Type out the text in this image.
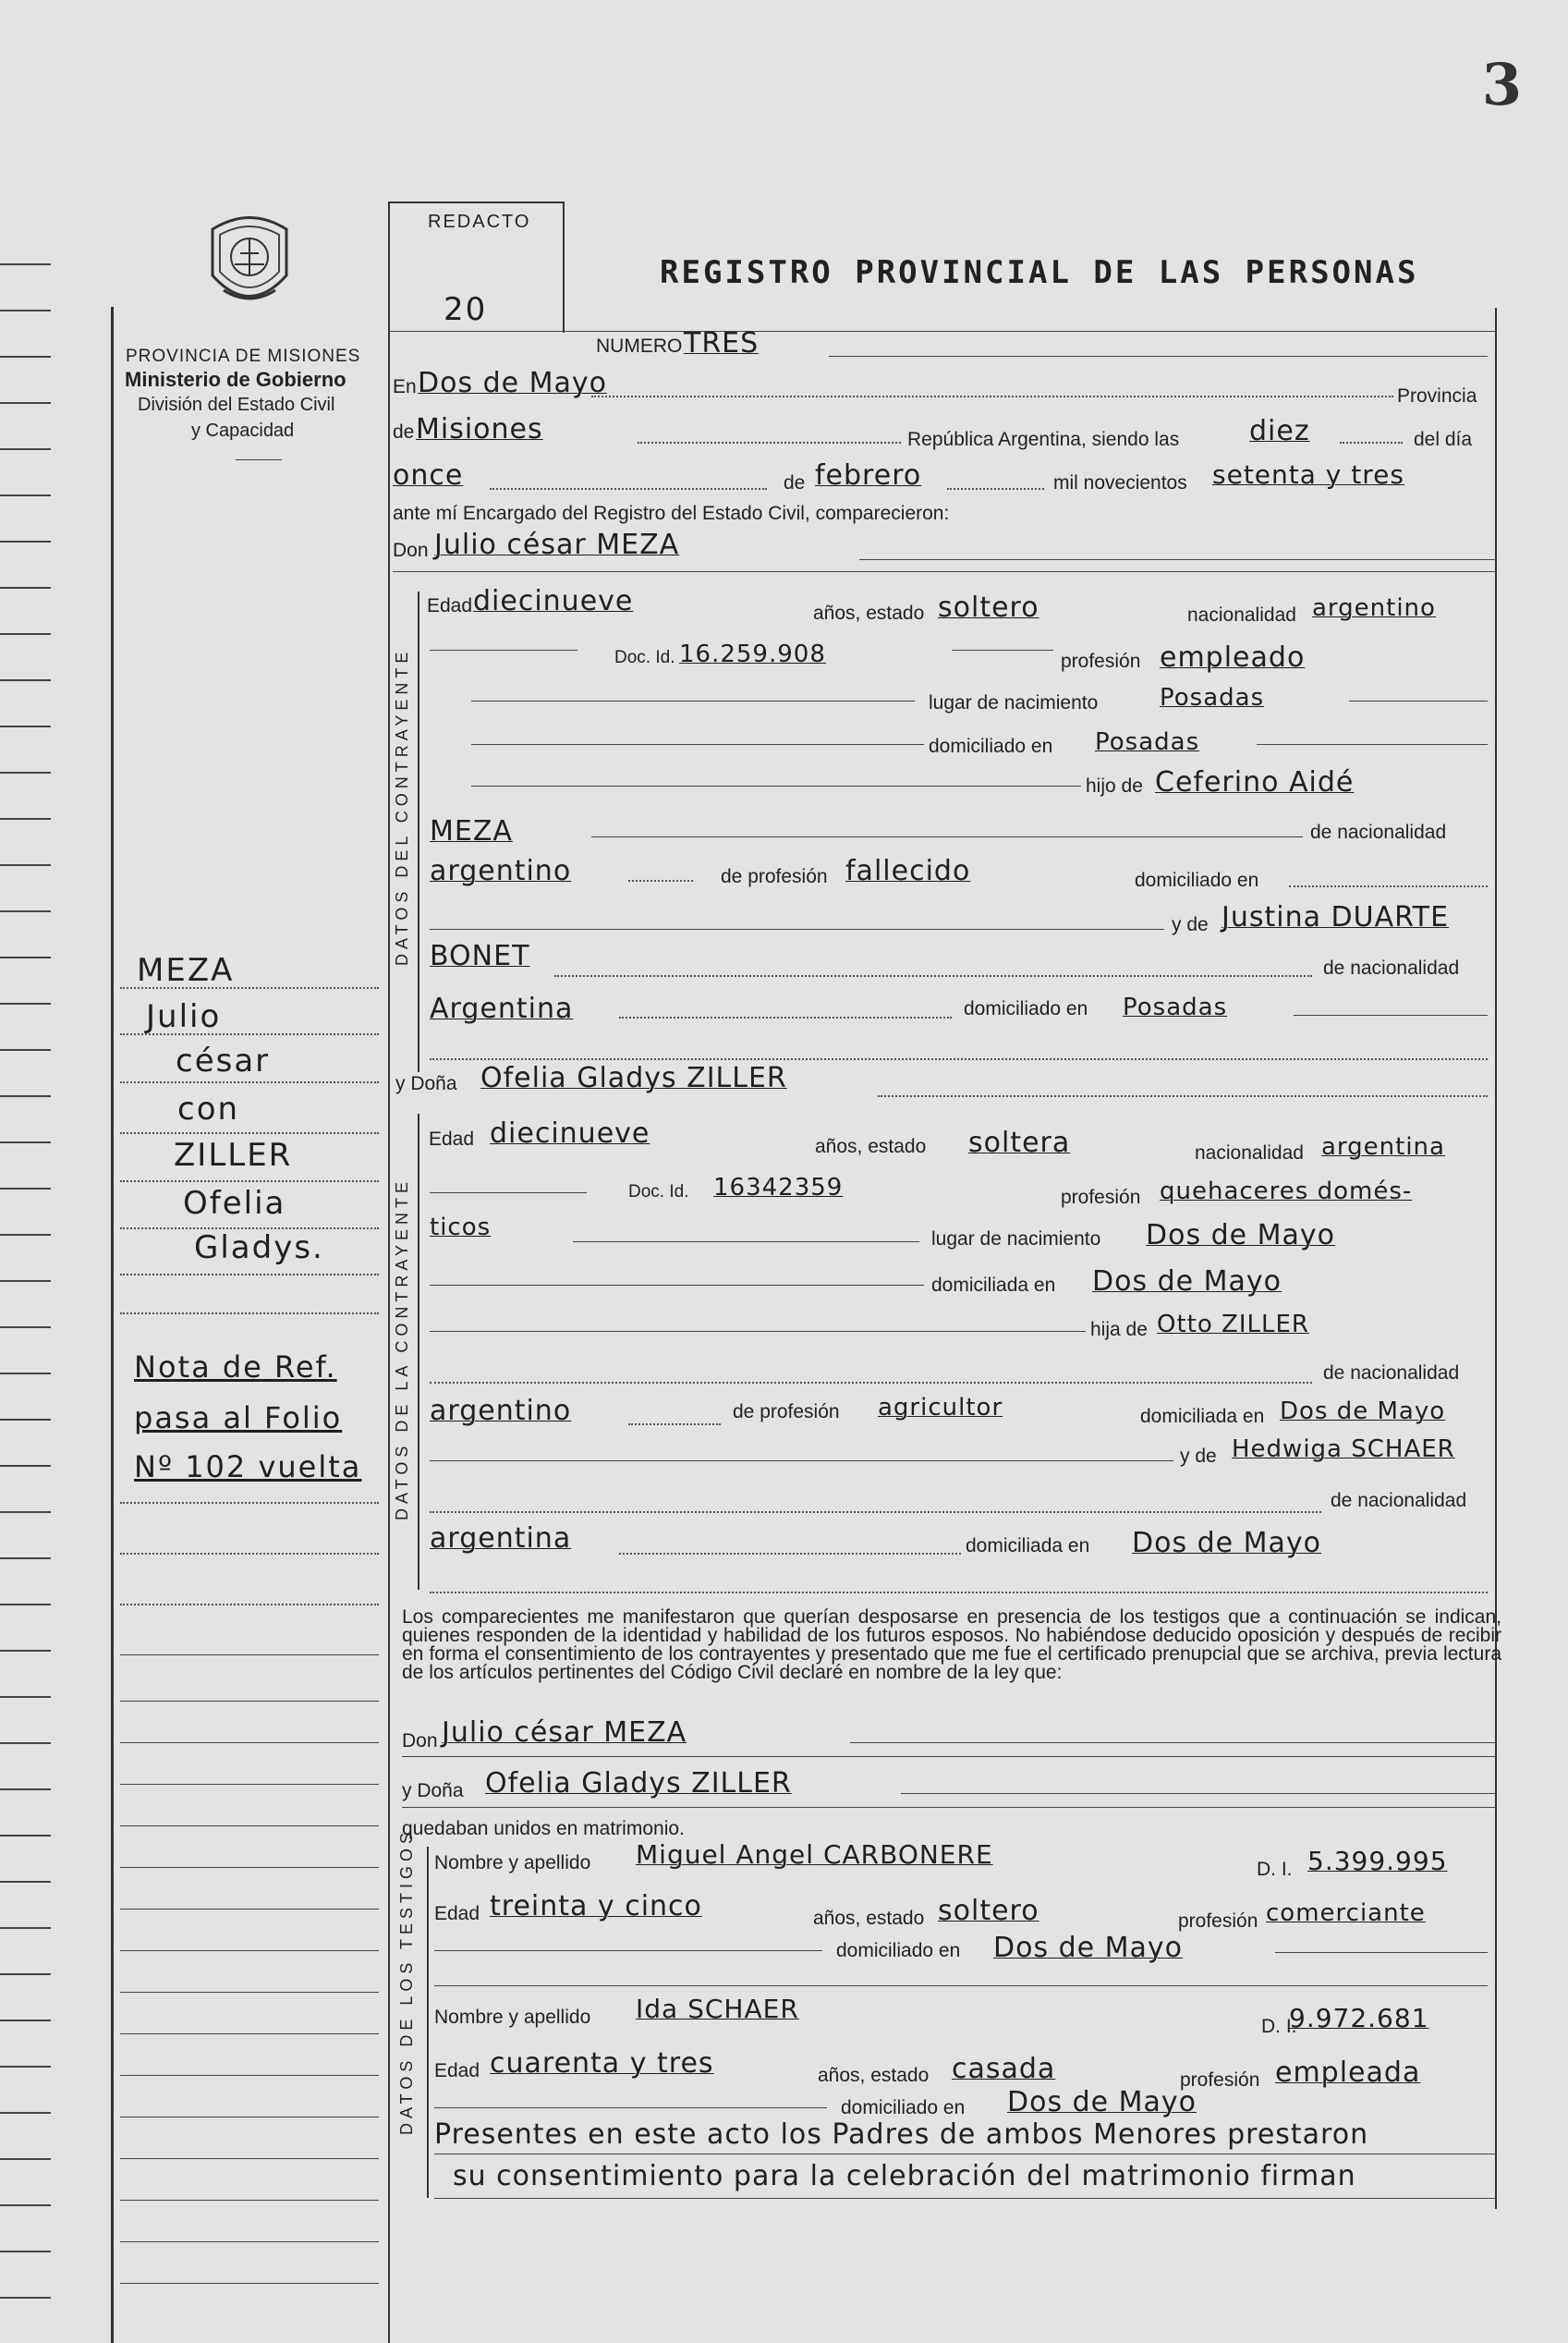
3
PROVINCIA DE MISIONES
Ministerio de Gobierno
División del Estado Civil
y Capacidad
REDACTO
20
REGISTRO PROVINCIAL DE LAS PERSONAS
NUMERO TRES
En Dos de Mayo	Provincia
de Misiones	República Argentina, siendo las	diez	del día
once	de febrero	mil novecientos setenta y tres
ante mí Encargado del Registro del Estado Civil, comparecieron:
Don Julio césar MEZA
DATOS DEL CONTRAYENTE
Edad diecinueve	años, estado soltero	nacionalidad argentino
Doc. Id. 16.259.908	profesión empleado
lugar de nacimiento	Posadas
domiciliado en Posadas
hijo de Ceferino Aidé
MEZA	de nacionalidad
argentino	de profesión fallecido	domiciliado en
y de Justina DUARTE
BONET	de nacionalidad
Argentina	domiciliado en Posadas
y Doña Ofelia Gladys ZILLER
DATOS DE LA CONTRAYENTE
Edad diecinueve	años, estado soltera	nacionalidad argentina
Doc. Id. 16342359	profesión quehaceres domés-
ticos	lugar de nacimiento Dos de Mayo
domiciliada en Dos de Mayo
hija de Otto ZILLER
de nacionalidad
argentino	de profesión agricultor	domiciliada en Dos de Mayo
y de Hedwiga SCHAER
de nacionalidad
argentina	domiciliada en Dos de Mayo
Los comparecientes me manifestaron que querían desposarse en presencia de los testigos que a continuación se indican, quienes responden de la identidad y habilidad de los futuros esposos. No habiéndose deducido oposición y después de recibir en forma el consentimiento de los contrayentes y presentado que me fue el certificado prenupcial que se archiva, previa lectura de los artículos pertinentes del Código Civil declaré en nombre de la ley que:
Don Julio césar MEZA
y Doña Ofelia Gladys ZILLER
quedaban unidos en matrimonio.
DATOS DE LOS TESTIGOS Nombre y apellido Miguel Angel CARBONERE	D. I. 5.399.995
Edad treinta y cinco	años, estado soltero	profesión comerciante
domiciliado en Dos de Mayo
Nombre y apellido Ida SCHAER
D. I.
9.972.681
Edad cuarenta y tres	años, estado casada	profesión empleada
domiciliado en Dos de Mayo
Presentes en este acto los Padres de ambos Menores prestaron
su consentimiento para la celebración del matrimonio firman
MEZA
Julio
césar
con
ZILLER
Ofelia
Gladys.
Nota de Ref.
pasa al Folio
Nº 102 vuelta
